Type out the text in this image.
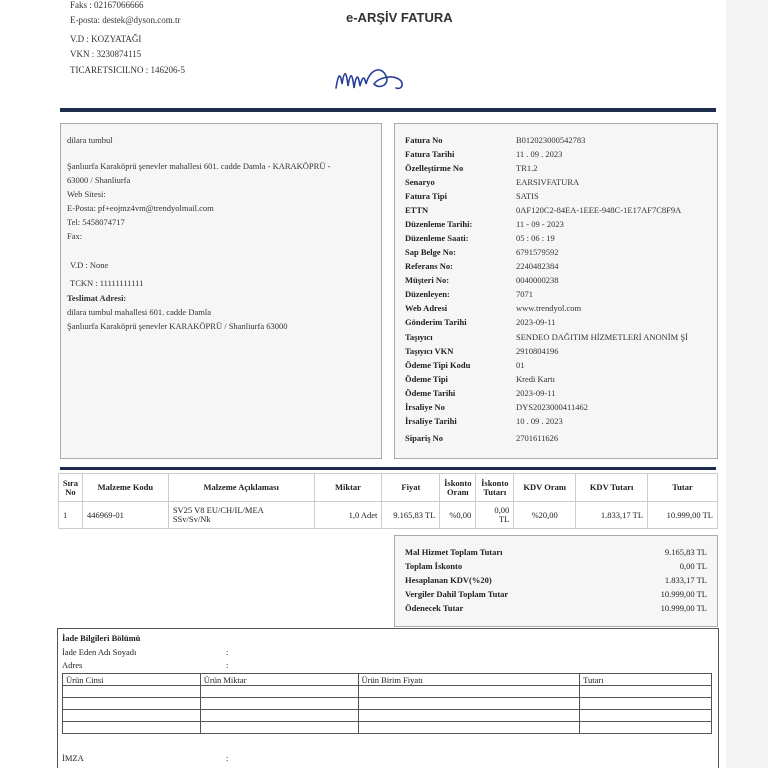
Faks : 02167066666
E-posta: destek@dyson.com.tr
V.D : KOZYATAĞI
VKN : 3230874115
TICARETSICILNO : 146206-5
e-ARŞİV FATURA
dilara tumbul
Şanlıurfa Karaköprü şenevler mahallesi 601. cadde Damla - KARAKÖPRÜ -
63000 / Shanliurfa
Web Sitesi:
E-Posta: pf+eojmz4vm@trendyolmail.com
Tel: 5458074717
Fax:
V.D : None
TCKN : 11111111111
Teslimat Adresi:
dilara tumbul mahallesi 601. cadde Damla
Şanlıurfa Karaköprü şenevler KARAKÖPRÜ / Shanliurfa 63000
Fatura No	B012023000542783
Fatura Tarihi	11 . 09 . 2023
Özelleştirme No	TR1.2
Senaryo	EARSIVFATURA
Fatura Tipi	SATIS
ETTN	0AF120C2-84EA-1EEE-948C-1E17AF7C8F9A
Düzenleme Tarihi:	11 - 09 - 2023
Düzenleme Saati:	05 : 06 : 19
Sap Belge No:	6791579592
Referans No:	2240482384
Müşteri No:	0040000238
Düzenleyen:	7071
Web Adresi	www.trendyol.com
Gönderim Tarihi	2023-09-11
Taşıyıcı	SENDEO DAĞITIM HİZMETLERİ ANONİM Şİ
Taşıyıcı VKN	2910804196
Ödeme Tipi Kodu	01
Ödeme Tipi	Kredi Kartı
Ödeme Tarihi	2023-09-11
İrsaliye No	DYS2023000411462
İrsaliye Tarihi	10 . 09 . 2023
Sipariş No	2701611626
Sıra
No	Malzeme Kodu	Malzeme Açıklaması	Miktar	Fiyat	İskonto
Oranı	İskonto
Tutarı	KDV Oranı	KDV Tutarı	Tutar
1	446969-01	SV25 V8 EU/CH/IL/MEA
SSv/Sv/Nk	1,0 Adet	9.165,83 TL	%0,00	0,00
TL	%20,00	1.833,17 TL	10.999,00 TL
Mal Hizmet Toplam Tutarı	9.165,83 TL
Toplam İskonto	0,00 TL
Hesaplanan KDV(%20)	1.833,17 TL
Vergiler Dahil Toplam Tutar	10.999,00 TL
Ödenecek Tutar	10.999,00 TL
İade Bilgileri Bölümü
İade Eden Adı Soyadı	:
Adres	:
Ürün Cinsi	Ürün Miktar	Ürün Birim Fiyatı	Tutarı

İMZA	:
